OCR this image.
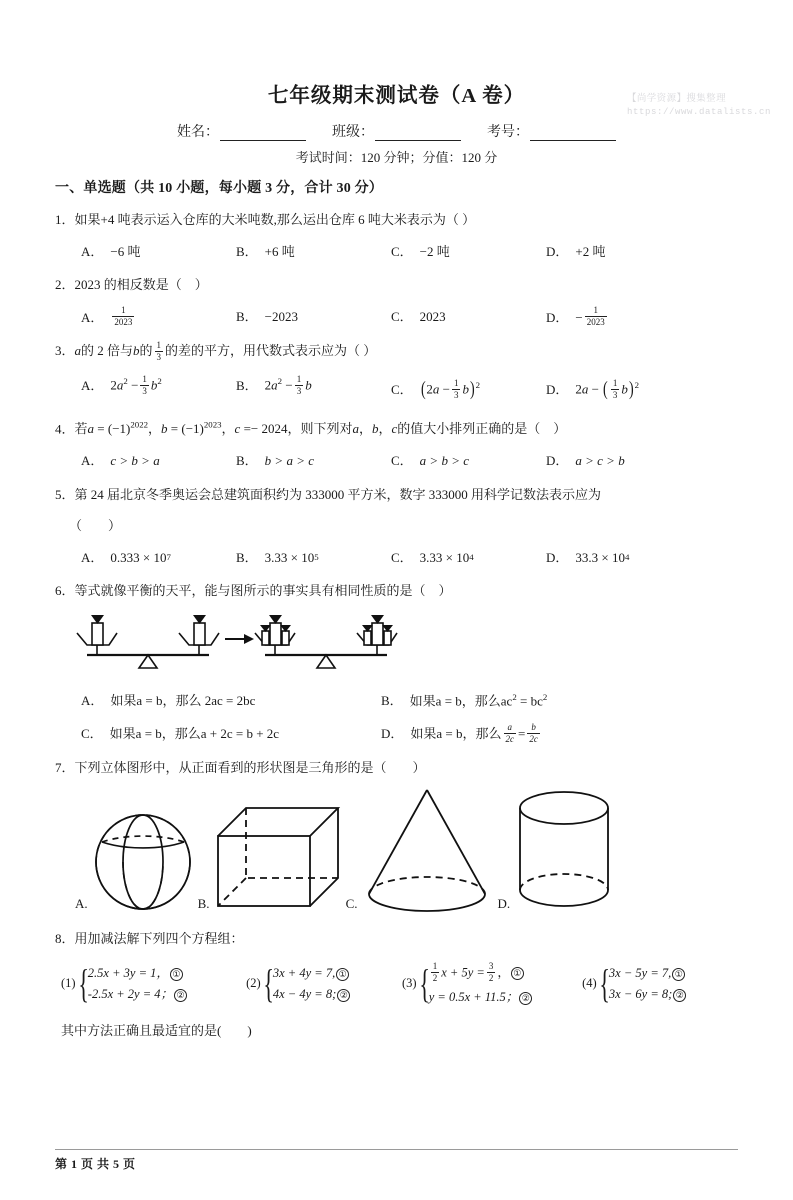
【尚学资源】搜集整理
https://www.datalists.cn
七年级期末测试卷（A 卷）
姓名：	班级：	考号：
考试时间：120 分钟；分值：120 分
一、单选题（共 10 小题，每小题 3 分，合计 30 分）
1．如果+4 吨表示运入仓库的大米吨数,那么运出仓库 6 吨大米表示为（ ）
A． −6 吨	B． +6 吨	C． −2 吨	D． +2 吨
2．2023 的相反数是（　）
A． $\frac{1}{2023}$	B． −2023	C． 2023	D． − $\frac{1}{2023}$
3．a的 2 倍与b的 $\frac{1}{3}$ 的差的平方，用代数式表示应为（ ）
A． $2a^2 - \frac{1}{3} b^2$	B． $2a^2 - \frac{1}{3}$ b	C． $(2a - \frac{1}{3} b)^2$	D． 2a − ( $\frac{1}{3} b)^2$
4．若$a = (-1)^{2022}$，$b = (-1)^{2023}$，c =− 2024，则下列对a，b，c的值大小排列正确的是（　）
A． c > b > a	B． b > a > c	C． a > b > c	D． a > c > b
5．第 24 届北京冬季奥运会总建筑面积约为 333000 平方米，数字 333000 用科学记数法表示应为
（　　）
A． 0.333 × 10 7	B． 3.33 × 10 5	C． 3.33 × 10 4	D． 33.3 × 10 4
6．等式就像平衡的天平，能与图所示的事实具有相同性质的是（　）
A． 如果a = b，那么 2ac = 2bc	B． 如果a = b，那么$ac^2 = bc^2$
C． 如果a = b，那么a + 2c = b + 2c	D． 如果a = b，那么 $\frac{a}{2c} = \frac{b}{2c}$
7．下列立体图形中，从正面看到的形状图是三角形的是（　　）
A.	B.	C.	D.
8．用加减法解下列四个方程组：
(1) { 2.5x + 3y = 1， ①
-2.5x + 2y = 4； ②
(2) { 3x + 4y = 7, ①
4x − 4y = 8; ②
(3) { $\frac{1}{2}$ $x + 5y = \frac{3}{2}$ ， ①
y = 0.5x + 11.5； ②
(4) { 3x − 5y = 7, ①
3x − 6y = 8; ②
其中方法正确且最适宜的是(　　)
第 1 页 共 5 页
